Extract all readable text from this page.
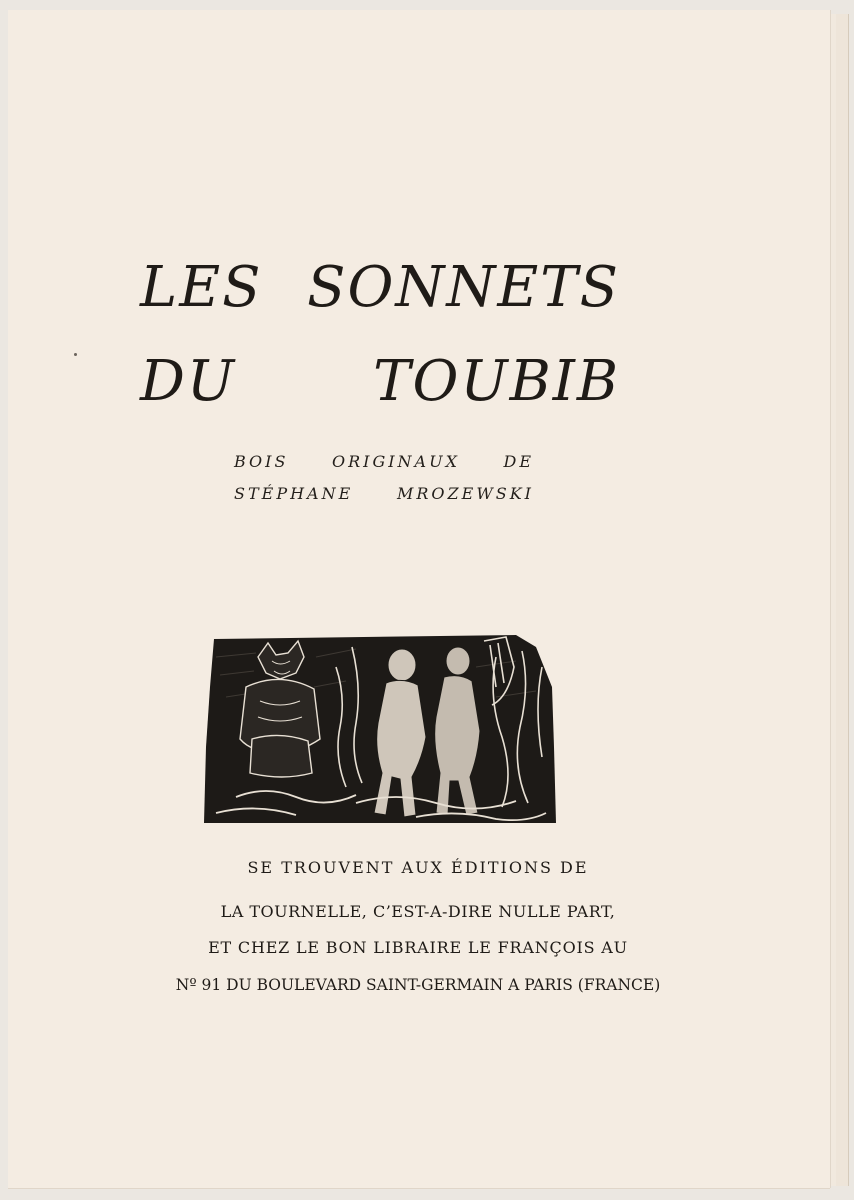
LES SONNETS
DU TOUBIB
BOIS ORIGINAUX DE
STÉPHANE MROZEWSKI
SE TROUVENT AUX ÉDITIONS DE
LA TOURNELLE, C’EST-A-DIRE NULLE PART,
ET CHEZ LE BON LIBRAIRE LE FRANÇOIS AU
Nº 91 DU BOULEVARD SAINT-GERMAIN A PARIS (FRANCE)
